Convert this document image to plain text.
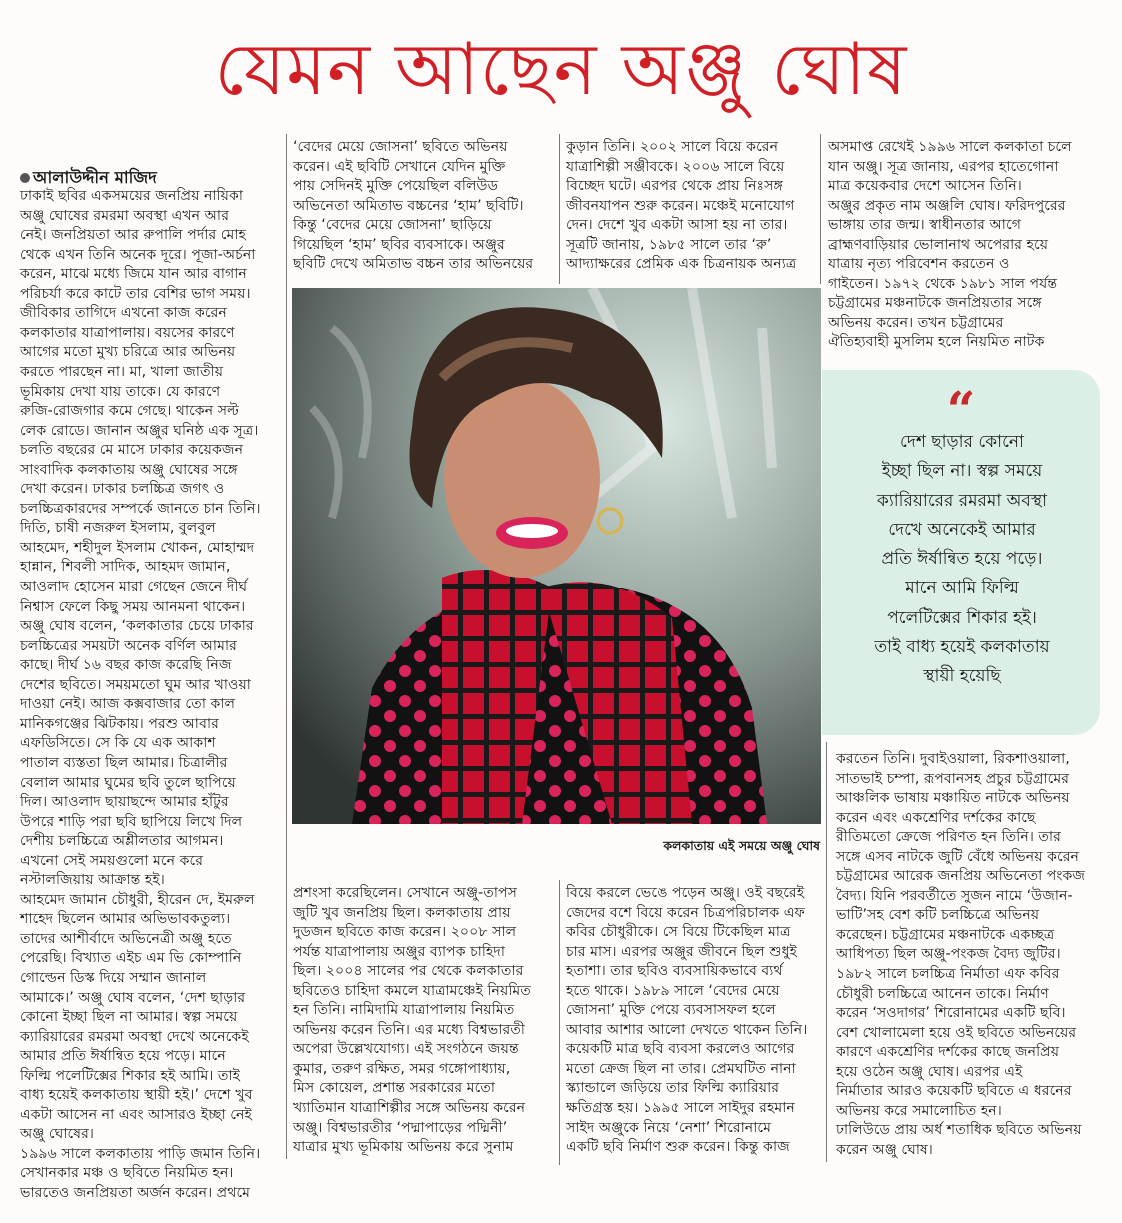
যেমন আছেন অঞ্জু ঘোষ

আলাউদ্দীন মাজিদ
ঢাকাই ছবির একসময়ের জনপ্রিয় নায়িকা
অঞ্জু ঘোষের রমরমা অবস্থা এখন আর
নেই। জনপ্রিয়তা আর রুপালি পর্দার মোহ
থেকে এখন তিনি অনেক দূরে। পূজা-অর্চনা
করেন, মাঝে মধ্যে জিমে যান আর বাগান
পরিচর্যা করে কাটে তার বেশির ভাগ সময়।
জীবিকার তাগিদে এখনো কাজ করেন
কলকাতার যাত্রাপালায়। বয়সের কারণে
আগের মতো মুখ্য চরিত্রে আর অভিনয়
করতে পারছেন না। মা, খালা জাতীয়
ভূমিকায় দেখা যায় তাকে। যে কারণে
রুজি-রোজগার কমে গেছে। থাকেন সল্ট
লেক রোডে। জানান অঞ্জুর ঘনিষ্ঠ এক সূত্র।
চলতি বছরের মে মাসে ঢাকার কয়েকজন
সাংবাদিক কলকাতায় অঞ্জু ঘোষের সঙ্গে
দেখা করেন। ঢাকার চলচ্চিত্র জগৎ ও
চলচ্চিত্রকারদের সম্পর্কে জানতে চান তিনি।
দিতি, চাষী নজরুল ইসলাম, বুলবুল
আহমেদ, শহীদুল ইসলাম খোকন, মোহাম্মদ
হান্নান, শিবলী সাদিক, আহমদ জামান,
আওলাদ হোসেন মারা গেছেন জেনে দীর্ঘ
নিশ্বাস ফেলে কিছু সময় আনমনা থাকেন।
অঞ্জু ঘোষ বলেন, ‘কলকাতার চেয়ে ঢাকার
চলচ্চিত্রের সময়টা অনেক বর্ণিল আমার
কাছে। দীর্ঘ ১৬ বছর কাজ করেছি নিজ
দেশের ছবিতে। সময়মতো ঘুম আর খাওয়া
দাওয়া নেই। আজ কক্সবাজার তো কাল
মানিকগঞ্জের ঝিটকায়। পরশু আবার
এফডিসিতে। সে কি যে এক আকাশ
পাতাল ব্যস্ততা ছিল আমার। চিত্রালীর
বেলাল আমার ঘুমের ছবি তুলে ছাপিয়ে
দিল। আওলাদ ছায়াছন্দে আমার হাঁটুর
উপরে শাড়ি পরা ছবি ছাপিয়ে লিখে দিল
দেশীয় চলচ্চিত্রে অশ্লীলতার আগমন।
এখনো সেই সময়গুলো মনে করে
নস্টালজিয়ায় আক্রান্ত হই।
আহমেদ জামান চৌধুরী, হীরেন দে, ইমরুল
শাহেদ ছিলেন আমার অভিভাবকতুল্য।
তাদের আশীর্বাদে অভিনেত্রী অঞ্জু হতে
পেরেছি। বিখ্যাত এইচ এম ভি কোম্পানি
গোল্ডেন ডিস্ক দিয়ে সম্মান জানাল
আমাকে।’ অঞ্জু ঘোষ বলেন, ‘দেশ ছাড়ার
কোনো ইচ্ছা ছিল না আমার। স্বল্প সময়ে
ক্যারিয়ারের রমরমা অবস্থা দেখে অনেকেই
আমার প্রতি ঈর্ষান্বিত হয়ে পড়ে। মানে
ফিল্মি পলেটিক্সের শিকার হই আমি। তাই
বাধ্য হয়েই কলকাতায় স্থায়ী হই।’ দেশে খুব
একটা আসেন না এবং আসারও ইচ্ছা নেই
অঞ্জু ঘোষের।
১৯৯৬ সালে কলকাতায় পাড়ি জমান তিনি।
সেখানকার মঞ্চ ও ছবিতে নিয়মিত হন।
ভারতেও জনপ্রিয়তা অর্জন করেন। প্রথমে

‘বেদের মেয়ে জোসনা’ ছবিতে অভিনয়
করেন। এই ছবিটি সেখানে যেদিন মুক্তি
পায় সেদিনই মুক্তি পেয়েছিল বলিউড
অভিনেতা অমিতাভ বচ্চনের ‘হাম’ ছবিটি।
কিন্তু ‘বেদের মেয়ে জোসনা’ ছাড়িয়ে
গিয়েছিল ‘হাম’ ছবির ব্যবসাকে। অঞ্জুর
ছবিটি দেখে অমিতাভ বচ্চন তার অভিনয়ের
কুড়ান তিনি। ২০০২ সালে বিয়ে করেন
যাত্রাশিল্পী সঞ্জীবকে। ২০০৬ সালে বিয়ে
বিচ্ছেদ ঘটে। এরপর থেকে প্রায় নিঃসঙ্গ
জীবনযাপন শুরু করেন। মঞ্চেই মনোযোগ
দেন। দেশে খুব একটা আসা হয় না তার।
সূত্রটি জানায়, ১৯৮৫ সালে তার ‘রু’
আদ্যাক্ষরের প্রেমিক এক চিত্রনায়ক অন্যত্র
অসমাপ্ত রেখেই ১৯৯৬ সালে কলকাতা চলে
যান অঞ্জু। সূত্র জানায়, এরপর হাতেগোনা
মাত্র কয়েকবার দেশে আসেন তিনি।
অঞ্জুর প্রকৃত নাম অঞ্জলি ঘোষ। ফরিদপুরের
ভাঙ্গায় তার জন্ম। স্বাধীনতার আগে
ব্রাহ্মণবাড়িয়ার ভোলানাথ অপেরার হয়ে
যাত্রায় নৃত্য পরিবেশন করতেন ও
গাইতেন। ১৯৭২ থেকে ১৯৮১ সাল পর্যন্ত
চট্টগ্রামের মঞ্চনাটকে জনপ্রিয়তার সঙ্গে
অভিনয় করেন। তখন চট্টগ্রামের
ঐতিহ্যবাহী মুসলিম হলে নিয়মিত নাটক
কলকাতায় এই সময়ে অঞ্জু ঘোষ
“
দেশ ছাড়ার কোনো
ইচ্ছা ছিল না। স্বল্প সময়ে
ক্যারিয়ারের রমরমা অবস্থা
দেখে অনেকেই আমার
প্রতি ঈর্ষান্বিত হয়ে পড়ে।
মানে আমি ফিল্মি
পলেটিক্সের শিকার হই।
তাই বাধ্য হয়েই কলকাতায়
স্থায়ী হয়েছি
প্রশংসা করেছিলেন। সেখানে অঞ্জু-তাপস
জুটি খুব জনপ্রিয় ছিল। কলকাতায় প্রায়
দুডজন ছবিতে কাজ করেন। ২০০৮ সাল
পর্যন্ত যাত্রাপালায় অঞ্জুর ব্যাপক চাহিদা
ছিল। ২০০৪ সালের পর থেকে কলকাতার
ছবিতেও চাহিদা কমলে যাত্রামঞ্চেই নিয়মিত
হন তিনি। নামিদামি যাত্রাপালায় নিয়মিত
অভিনয় করেন তিনি। এর মধ্যে বিশ্বভারতী
অপেরা উল্লেখযোগ্য। এই সংগঠনে জয়ন্ত
কুমার, তরুণ রক্ষিত, সমর গঙ্গোপাধ্যায়,
মিস কোয়েল, প্রশান্ত সরকারের মতো
খ্যাতিমান যাত্রাশিল্পীর সঙ্গে অভিনয় করেন
অঞ্জু। বিশ্বভারতীর ‘পদ্মাপাড়ের পদ্মিনী’
যাত্রার মুখ্য ভূমিকায় অভিনয় করে সুনাম
বিয়ে করলে ভেঙে পড়েন অঞ্জু। ওই বছরেই
জেদের বশে বিয়ে করেন চিত্রপরিচালক এফ
কবির চৌধুরীকে। সে বিয়ে টিকেছিল মাত্র
চার মাস। এরপর অঞ্জুর জীবনে ছিল শুধুই
হতাশা। তার ছবিও ব্যবসায়িকভাবে ব্যর্থ
হতে থাকে। ১৯৮৯ সালে ‘বেদের মেয়ে
জোসনা’ মুক্তি পেয়ে ব্যবসাসফল হলে
আবার আশার আলো দেখতে থাকেন তিনি।
কয়েকটি মাত্র ছবি ব্যবসা করলেও আগের
মতো ক্রেজ ছিল না তার। প্রেমঘটিত নানা
স্ক্যান্ডালে জড়িয়ে তার ফিল্মি ক্যারিয়ার
ক্ষতিগ্রস্ত হয়। ১৯৯৫ সালে সাইদুর রহমান
সাইদ অঞ্জুকে নিয়ে ‘নেশা’ শিরোনামে
একটি ছবি নির্মাণ শুরু করেন। কিন্তু কাজ
করতেন তিনি। দুবাইওয়ালা, রিকশাওয়ালা,
সাতভাই চম্পা, রূপবানসহ প্রচুর চট্টগ্রামের
আঞ্চলিক ভাষায় মঞ্চায়িত নাটকে অভিনয়
করেন এবং একশ্রেণির দর্শকের কাছে
রীতিমতো ক্রেজে পরিণত হন তিনি। তার
সঙ্গে এসব নাটকে জুটি বেঁধে অভিনয় করেন
চট্টগ্রামের আরেক জনপ্রিয় অভিনেতা পংকজ
বৈদ্য। যিনি পরবর্তীতে সুজন নামে ‘উজান-
ভাটি’সহ বেশ কটি চলচ্চিত্রে অভিনয়
করেছেন। চট্টগ্রামের মঞ্চনাটকে একচ্ছত্র
আধিপত্য ছিল অঞ্জু-পংকজ বৈদ্য জুটির।
১৯৮২ সালে চলচ্চিত্র নির্মাতা এফ কবির
চৌধুরী চলচ্চিত্রে আনেন তাকে। নির্মাণ
করেন ‘সওদাগর’ শিরোনামের একটি ছবি।
বেশ খোলামেলা হয়ে ওই ছবিতে অভিনয়ের
কারণে একশ্রেণির দর্শকের কাছে জনপ্রিয়
হয়ে ওঠেন অঞ্জু ঘোষ। এরপর এই
নির্মাতার আরও কয়েকটি ছবিতে এ ধরনের
অভিনয় করে সমালোচিত হন।
ঢালিউডে প্রায় অর্ধ শতাধিক ছবিতে অভিনয়
করেন অঞ্জু ঘোষ।
